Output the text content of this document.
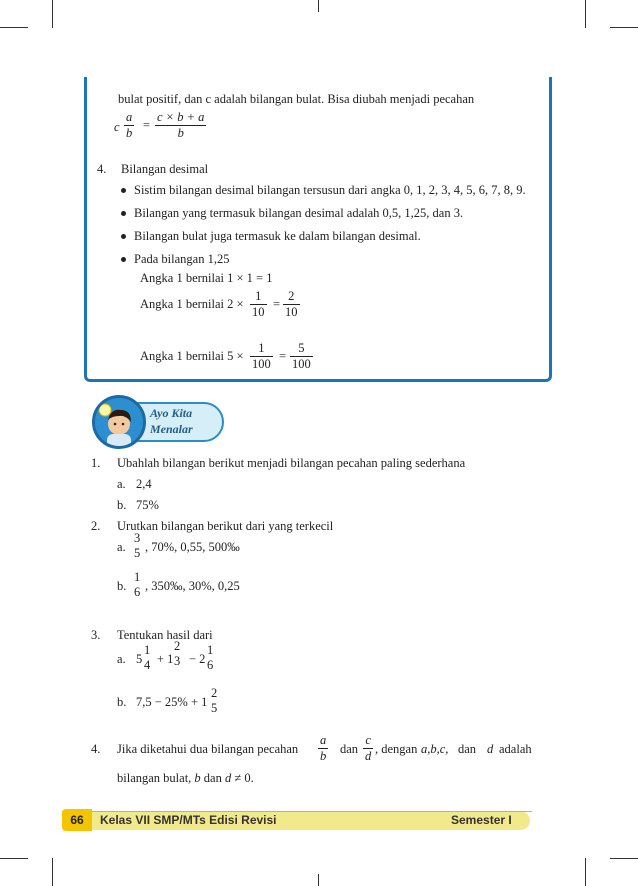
bulat positif, dan c adalah bilangan bulat. Bisa diubah menjadi pecahan
c $\frac{a}{b} = \frac{c \times b + a}{b}$
4. Bilangan desimal
Sistim bilangan desimal bilangan tersusun dari angka 0, 1, 2, 3, 4, 5, 6, 7, 8, 9.
Bilangan yang termasuk bilangan desimal adalah 0,5, 1,25, dan 3.
Bilangan bulat juga termasuk ke dalam bilangan desimal.
Pada bilangan 1,25
Angka 1 bernilai 1 × 1 = 1
Angka 1 bernilai $2 \times \frac{1}{10} = \frac{2}{10}$
Angka 1 bernilai $5 \times \frac{1}{100} = \frac{5}{100}$
Ayo Kita
Menalar
1. Ubahlah bilangan berikut menjadi bilangan pecahan paling sederhana
a. 2,4
b. 75%
2. Urutkan bilangan berikut dari yang terkecil
a.
3
5 , 70%, 0,55, 500‰
b.
1
6 , 350‰, 30%, 0,25
3. Tentukan hasil dari
a. 5
1
4 + 1
2
3 − 2
1
6
b. 7,5 − 25% + 1
2
5
4. Jika diketahui dua bilangan pecahan $\frac{a}{b}$ dan $\frac{c}{d}$ , dengan a,b,c, dan d adalah
bilangan bulat, b dan d ≠ 0.
66	Kelas VII SMP/MTs Edisi Revisi	Semester I
